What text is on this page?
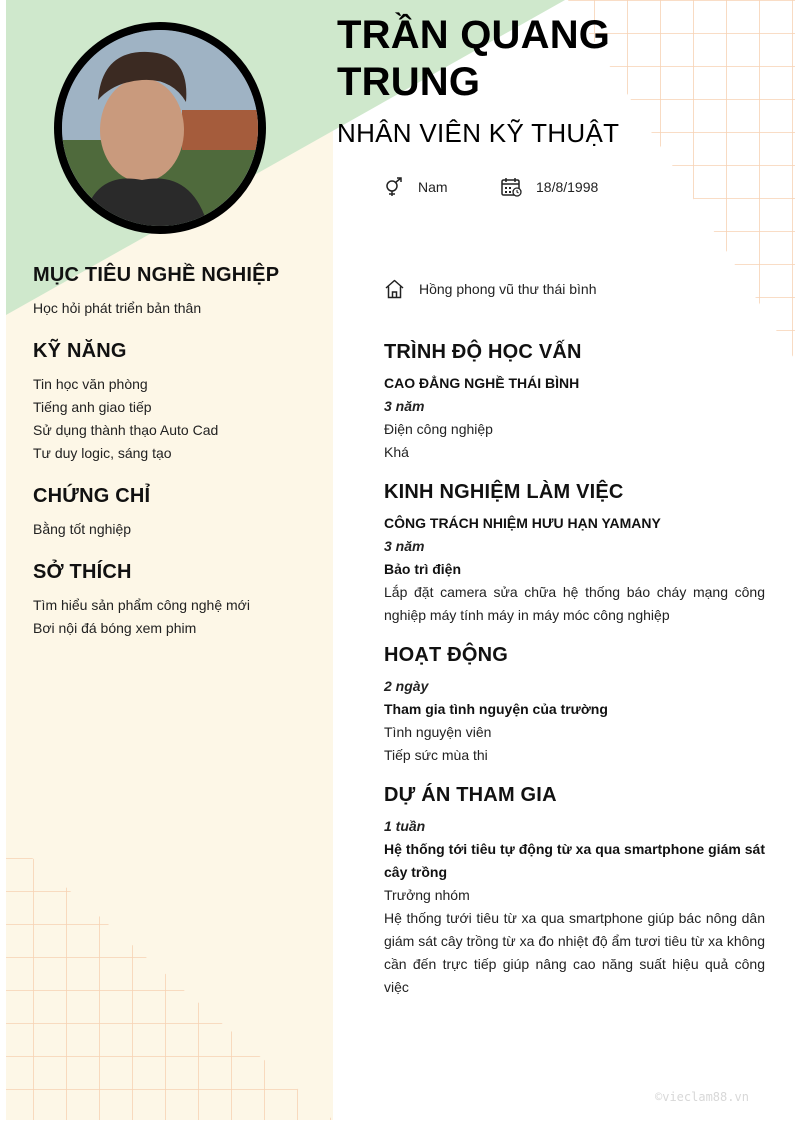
TRẦN QUANG
TRUNG
NHÂN VIÊN KỸ THUẬT
Nam	18/8/1998
Hồng phong vũ thư thái bình
MỤC TIÊU NGHỀ NGHIỆP
Học hỏi phát triển bản thân
KỸ NĂNG
Tin học văn phòng
Tiếng anh giao tiếp
Sử dụng thành thạo Auto Cad
Tư duy logic, sáng tạo
CHỨNG CHỈ
Bằng tốt nghiệp
SỞ THÍCH
Tìm hiểu sản phẩm công nghệ mới
Bơi nội đá bóng xem phim
TRÌNH ĐỘ HỌC VẤN
CAO ĐẲNG NGHỀ THÁI BÌNH
3 năm
Điện công nghiệp
Khá
KINH NGHIỆM LÀM VIỆC
CÔNG TRÁCH NHIỆM HƯU HẠN YAMANY
3 năm
Bảo trì điện
Lắp đặt camera sửa chữa hệ thống báo cháy mạng công nghiệp máy tính máy in máy móc công nghiệp
HOẠT ĐỘNG
2 ngày
Tham gia tình nguyện của trường
Tình nguyện viên
Tiếp sức mùa thi
DỰ ÁN THAM GIA
1 tuần
Hệ thống tới tiêu tự động từ xa qua smartphone giám sát cây trồng
Trưởng nhóm
Hệ thống tưới tiêu từ xa qua smartphone giúp bác nông dân giám sát cây trồng từ xa đo nhiệt độ ẩm tươi tiêu từ xa không cần đến trực tiếp giúp nâng cao năng suất hiệu quả công việc
©vieclam88.vn
